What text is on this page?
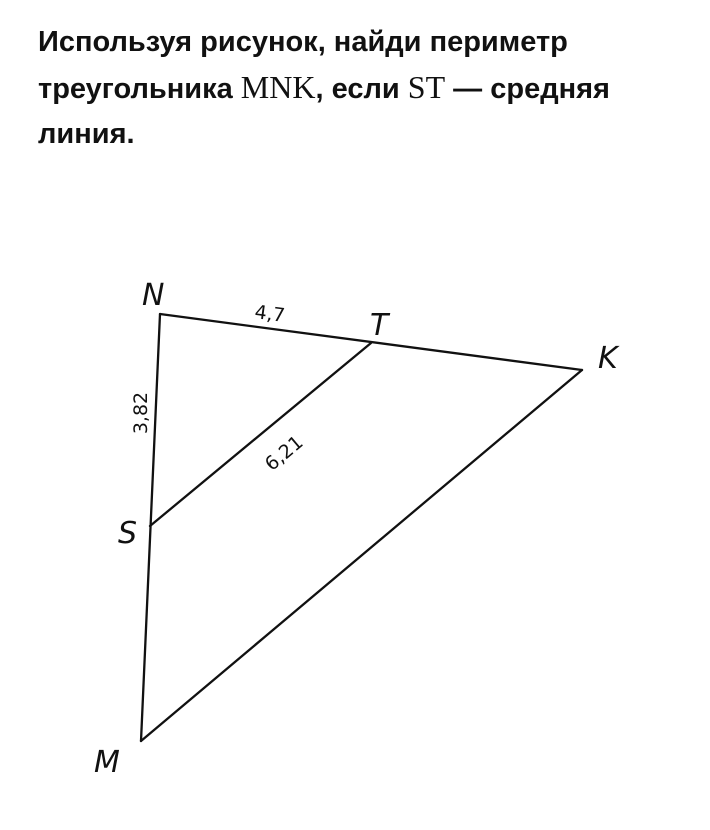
Используя рисунок, найди периметр треугольника MNK, если ST — средняя линия.
N
T
K
S
M
4,7
3,82
6,21
